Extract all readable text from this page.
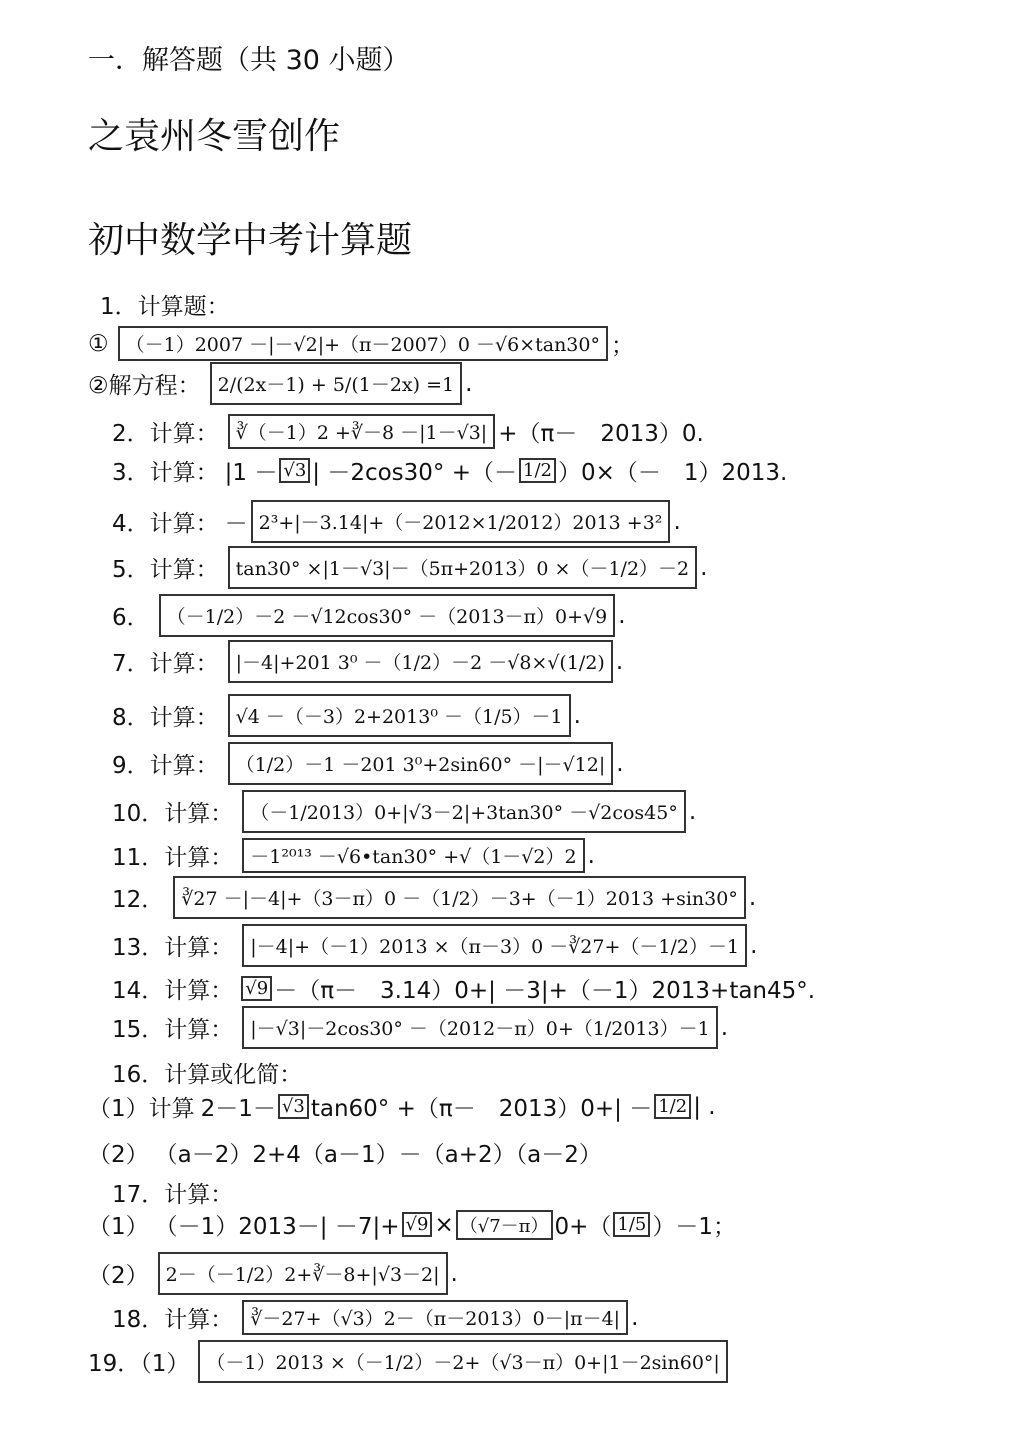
一．解答题（共 30 小题）
之袁州冬雪创作
初中数学中考计算题
1．计算题：
① （－1）2007 －|－√2|+（π－2007）0 －√6×tan30° ；
②解方程： 2/(2x－1) + 5/(1－2x) =1 .
2．计算： ∛（－1）2 +∛－8 －|1－√3| +（π－　2013）0.
3．计算： |1 － √3 | －2cos30° +（－ 1/2 ）0×（－　1）2013.
4．计算： － 2³+|－3.14|+（－2012×1/2012）2013 +3² .
5．计算： tan30° ×|1－√3|－（5π+2013）0 ×（－1/2）－2 .
6． （－1/2）－2 －√12cos30° －（2013－π）0+√9 .
7．计算： |－4|+201 3⁰ －（1/2）－2 －√8×√(1/2) .
8．计算： √4 －（－3）2+2013⁰ －（1/5）－1 .
9．计算： （1/2）－1 －201 3⁰+2sin60° －|－√12| .
10．计算： （－1/2013）0+|√3－2|+3tan30° －√2cos45° .
11．计算： －1²⁰¹³ －√6•tan30° +√（1－√2）2 .
12． ∛27 －|－4|+（3－π）0 －（1/2）－3+（－1）2013 +sin30° .
13．计算： |－4|+（－1）2013 ×（π－3）0 －∛27+（－1/2）－1 .
14．计算： √9 －（π－　3.14）0+| －3|+（－1）2013+tan45°.
15．计算： |－√3|－2cos30° －（2012－π）0+（1/2013）－1 .
16．计算或化简：
（1）计算 2－1－ √3 tan60° +（π－　2013）0+| － 1/2 | .
（2） （a－2）2+4（a－1）－（a+2）（a－2）
17．计算：
（1） （－1）2013－| －7|+ √9 × （√7－π） 0+（ 1/5 ）－1；
（2） 2－（－1/2）2+∛－8+|√3－2| .
18．计算： ∛－27+（√3）2－（π－2013）0－|π－4| .
19．（1） （－1）2013 ×（－1/2）－2+（√3－π）0+|1－2sin60°|
